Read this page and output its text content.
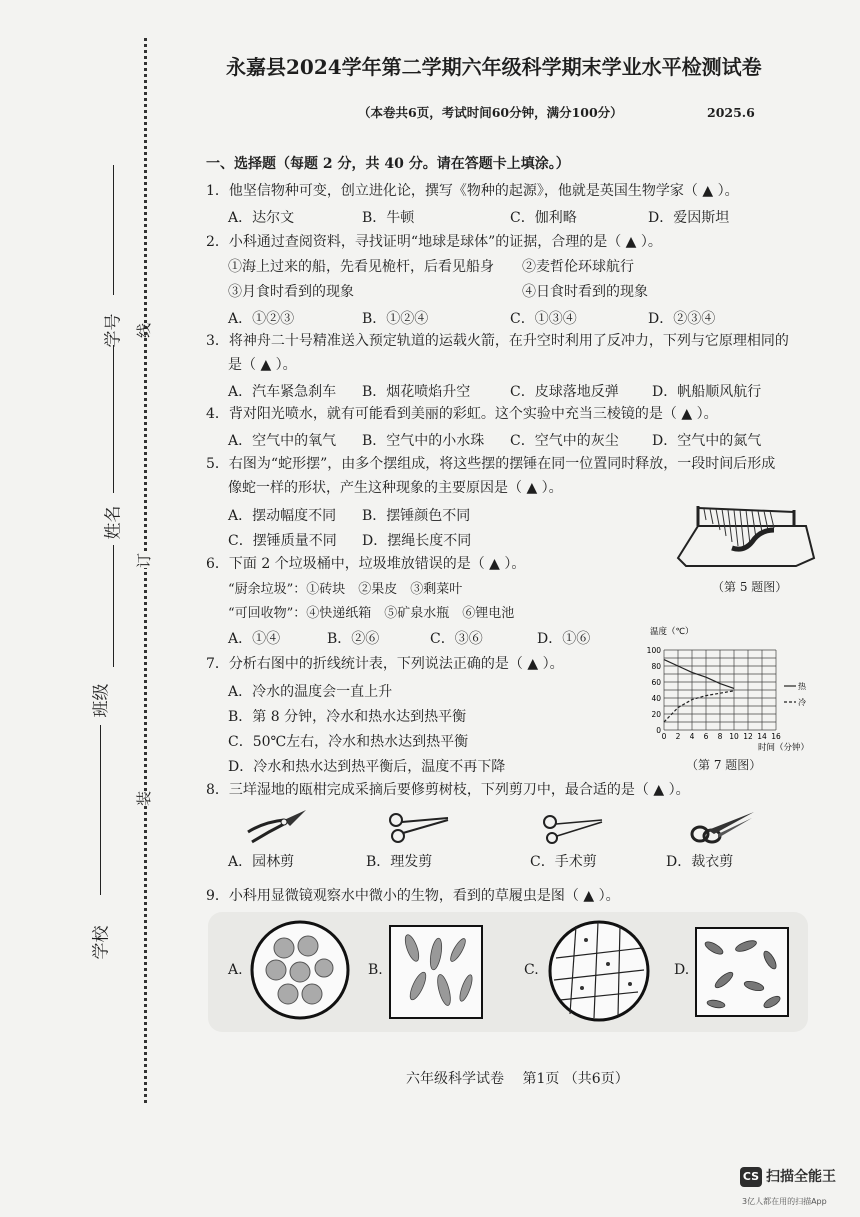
学号
姓名
班级
学校
线
订
装
永嘉县2024学年第二学期六年级科学期末学业水平检测试卷
（本卷共6页，考试时间60分钟，满分100分）	2025.6
一、选择题（每题 2 分，共 40 分。请在答题卡上填涂。）
1．他坚信物种可变，创立进化论，撰写《物种的起源》，他就是英国生物学家（ ▲ ）。
A．达尔文	B．牛顿	C．伽利略	D．爱因斯坦
2．小科通过查阅资料，寻找证明“地球是球体”的证据，合理的是（ ▲ ）。
①海上过来的船，先看见桅杆，后看见船身 ②麦哲伦环球航行
③月食时看到的现象	④日食时看到的现象
A．①②③	B．①②④	C．①③④	D．②③④
3．将神舟二十号精准送入预定轨道的运载火箭，在升空时利用了反冲力，下列与它原理相同的
是（ ▲ ）。
A．汽车紧急刹车 B．烟花喷焰升空	C．皮球落地反弹 D．帆船顺风航行
4．背对阳光喷水，就有可能看到美丽的彩虹。这个实验中充当三棱镜的是（ ▲ ）。
A．空气中的氧气 B．空气中的小水珠 C．空气中的灰尘 D．空气中的氮气
5．右图为“蛇形摆”，由多个摆组成，将这些摆的摆锤在同一位置同时释放，一段时间后形成
像蛇一样的形状，产生这种现象的主要原因是（ ▲ ）。
A．摆动幅度不同 B．摆锤颜色不同
C．摆锤质量不同 D．摆绳长度不同
（第 5 题图）
6．下面 2 个垃圾桶中，垃圾堆放错误的是（ ▲ ）。
“厨余垃圾”：①砖块　②果皮　③剩菜叶
“可回收物”：④快递纸箱　⑤矿泉水瓶　⑥锂电池
A．①④	B．②⑥	C．③⑥	D．①⑥	温度（℃）
时间（分钟）
0 2 4 6 8 10 12 14 16
0
20
40
60
80
100
热
冷
（第 7 题图）
7．分析右图中的折线统计表，下列说法正确的是（ ▲ ）。
A．冷水的温度会一直上升
B．第 8 分钟，冷水和热水达到热平衡
C．50℃左右，冷水和热水达到热平衡
D．冷水和热水达到热平衡后，温度不再下降
8．三垟湿地的瓯柑完成采摘后要修剪树枝，下列剪刀中，最合适的是（ ▲ ）。
A．园林剪	B．理发剪	C．手术剪	D．裁衣剪
9．小科用显微镜观察水中微小的生物，看到的草履虫是图（ ▲ ）。
A.	B.	C.	D.
六年级科学试卷　 第1页 （共6页）
CS 扫描全能王
3亿人都在用的扫描App
